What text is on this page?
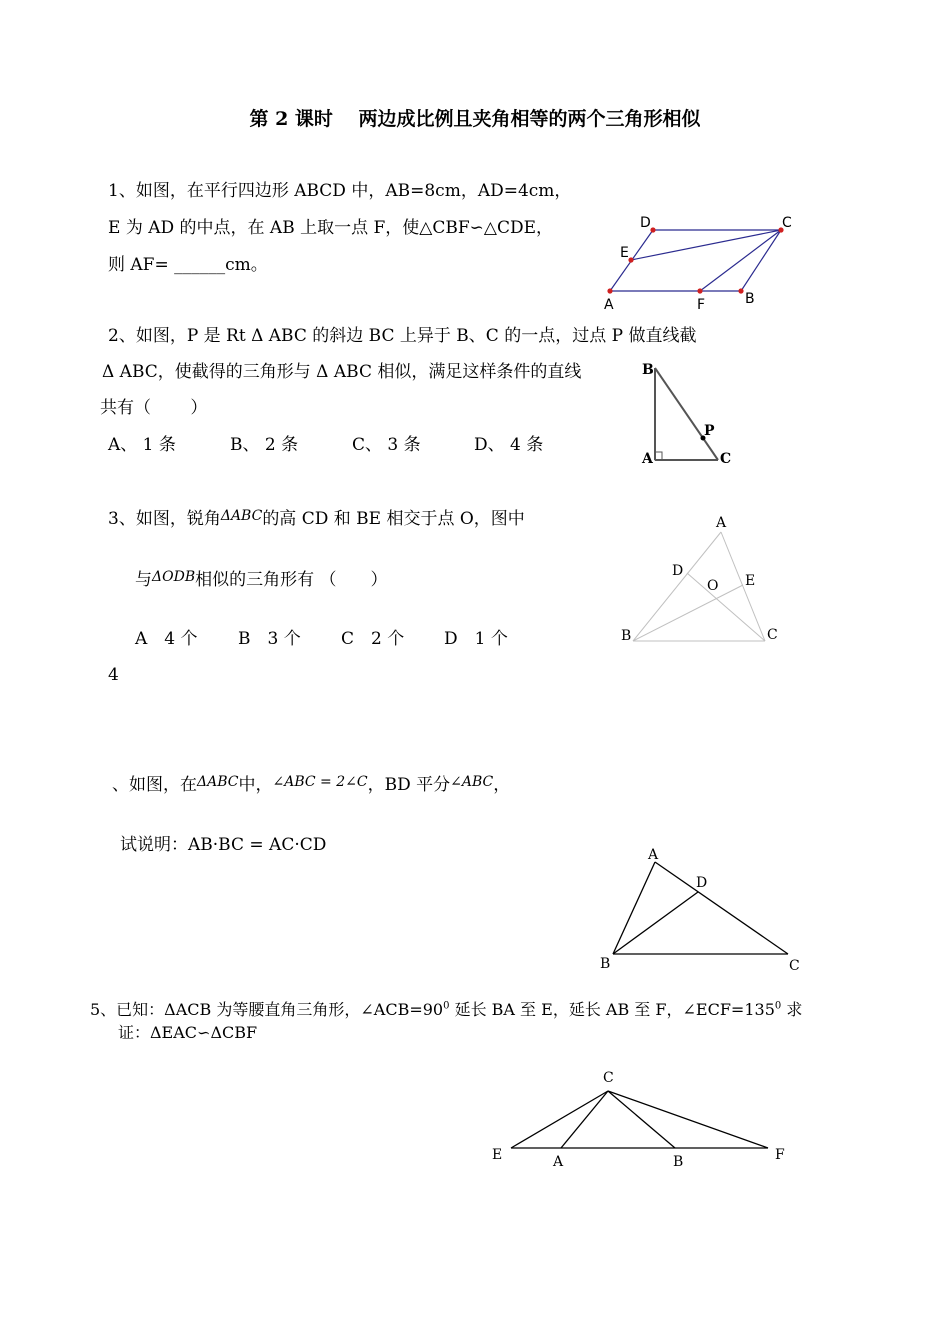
第 2 课时　 两边成比例且夹角相等的两个三角形相似
1、如图，在平行四边形 ABCD 中，AB=8cm，AD=4cm，
E 为 AD 的中点，在 AB 上取一点 F，使△CBF∽△CDE，
则 AF= ______cm。
A	F	B
C
D
E
2、如图，P 是 Rt Δ ABC 的斜边 BC 上异于 B、C 的一点，过点 P 做直线截
Δ ABC，使截得的三角形与 Δ ABC 相似，满足这样条件的直线
共有（　　 ）
A、 1 条	B、 2 条	C、 3 条	D、 4 条
B
A	C
P
3、如图，锐角$^{\Delta ABC}$的高 CD 和 BE 相交于点 O，图中
与$^{\Delta ODB}$相似的三角形有 （　　）
A　4 个 B　3 个 C　2 个 D　1 个
4
A
B	C
D
E
O
、如图，在$^{\Delta ABC}$中，$^{\angle ABC = 2\angle C}$，BD 平分$^{\angle ABC}$，
试说明：AB·BC = AC·CD	A
B	C
D
5、已知：ΔACB 为等腰直角三角形，$\angle ACB=90^0$ 延长 BA 至 E，延长 AB 至 F，$\angle ECF=135^0$ 求
证：ΔEAC∽ΔCBF
C
E	A	B	F
